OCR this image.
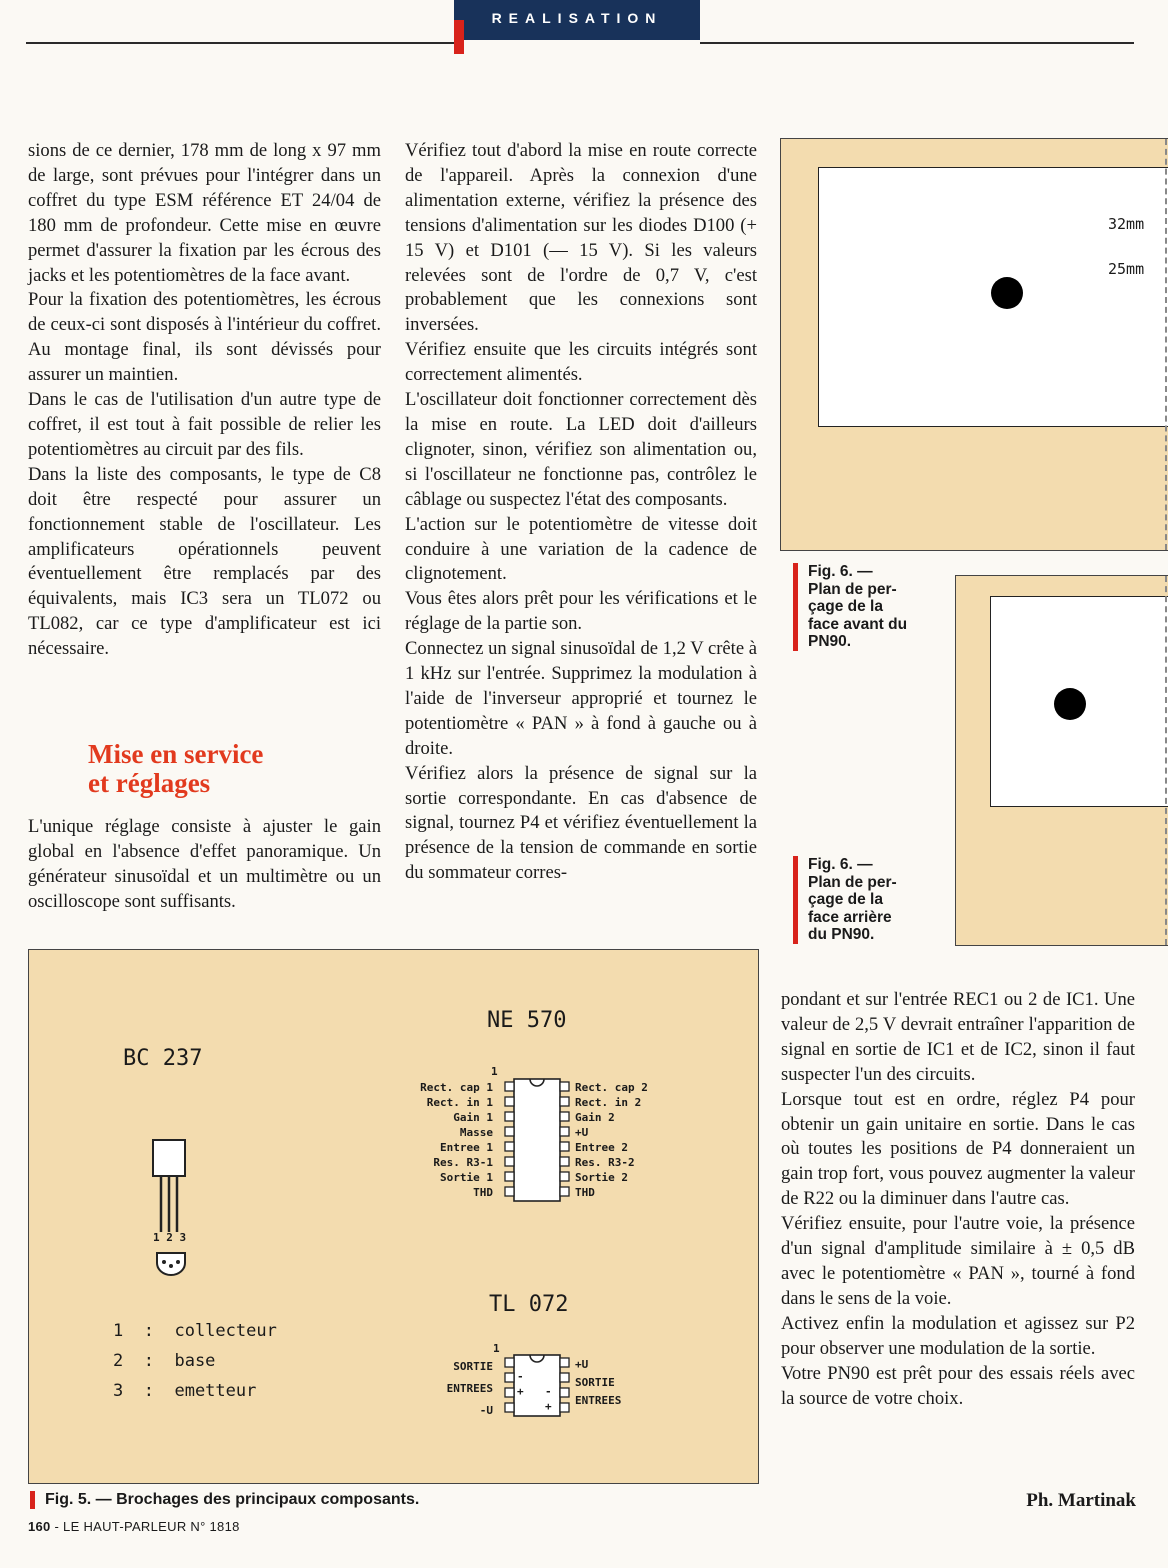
REALISATION

sions de ce dernier, 178 mm de long x 97 mm de large, sont prévues pour l'intégrer dans un coffret du type ESM référence ET 24/04 de 180 mm de profondeur. Cette mise en œuvre permet d'assurer la fixation par les écrous des jacks et les potentiomètres de la face avant.

Pour la fixation des potentiomètres, les écrous de ceux-ci sont disposés à l'intérieur du coffret. Au montage final, ils sont dévissés pour assurer un maintien.

Dans le cas de l'utilisation d'un autre type de coffret, il est tout à fait possible de relier les potentiomètres au circuit par des fils.

Dans la liste des composants, le type de C8 doit être respecté pour assurer un fonctionnement stable de l'oscillateur. Les amplificateurs opérationnels peuvent éventuellement être remplacés par des équivalents, mais IC3 sera un TL072 ou TL082, car ce type d'amplificateur est ici nécessaire.

Mise en service
et réglages

L'unique réglage consiste à ajuster le gain global en l'absence d'effet panoramique. Un générateur sinusoïdal et un multimètre ou un oscilloscope sont suffisants.

Vérifiez tout d'abord la mise en route correcte de l'appareil. Après la connexion d'une alimentation externe, vérifiez la présence des tensions d'alimentation sur les diodes D100 (+ 15 V) et D101 (— 15 V). Si les valeurs relevées sont de l'ordre de 0,7 V, c'est probablement que les connexions sont inversées.

Vérifiez ensuite que les circuits intégrés sont correctement alimentés.

L'oscillateur doit fonctionner correctement dès la mise en route. La LED doit d'ailleurs clignoter, sinon, vérifiez son alimentation ou, si l'oscillateur ne fonctionne pas, contrôlez le câblage ou suspectez l'état des composants.

L'action sur le potentiomètre de vitesse doit conduire à une variation de la cadence de clignotement.

Vous êtes alors prêt pour les vérifications et le réglage de la partie son.

Connectez un signal sinusoïdal de 1,2 V crête à 1 kHz sur l'entrée. Supprimez la modulation à l'aide de l'inverseur approprié et tournez le potentiomètre « PAN » à fond à gauche ou à droite.

Vérifiez alors la présence de signal sur la sortie correspondante. En cas d'absence de signal, tournez P4 et vérifiez éventuellement la présence de la tension de commande en sortie du sommateur corres-

32mm
25mm
Fig. 6. —
Plan de per-
çage de la
face avant du
PN90.
Fig. 6. —
Plan de per-
çage de la
face arrière
du PN90.

pondant et sur l'entrée REC1 ou 2 de IC1. Une valeur de 2,5 V devrait entraîner l'apparition de signal en sortie de IC1 et de IC2, sinon il faut suspecter l'un des circuits.

Lorsque tout est en ordre, réglez P4 pour obtenir un gain unitaire en sortie. Dans le cas où toutes les positions de P4 donneraient un gain trop fort, vous pouvez augmenter la valeur de R22 ou la diminuer dans l'autre cas.

Vérifiez ensuite, pour l'autre voie, la présence d'un signal d'amplitude similaire à ± 0,5 dB avec le potentiomètre « PAN », tourné à fond dans le sens de la voie.

Activez enfin la modulation et agissez sur P2 pour observer une modulation de la sortie.

Votre PN90 est prêt pour des essais réels avec la source de votre choix.

Ph. Martinak
BC 237
1 2 3
1 : collecteur
2 : base
3 : emetteur
NE 570
1
Rect. cap 1
Rect. in 1
Gain 1
Masse
Entree 1
Res. R3-1
Sortie 1
THD
Rect. cap 2
Rect. in 2
Gain 2
+U
Entree 2
Res. R3-2
Sortie 2
THD
TL 072
1
-
+ -
+
SORTIE
ENTREES
-U
+U
SORTIE
ENTREES
Fig. 5. — Brochages des principaux composants.
160 - LE HAUT-PARLEUR N° 1818
